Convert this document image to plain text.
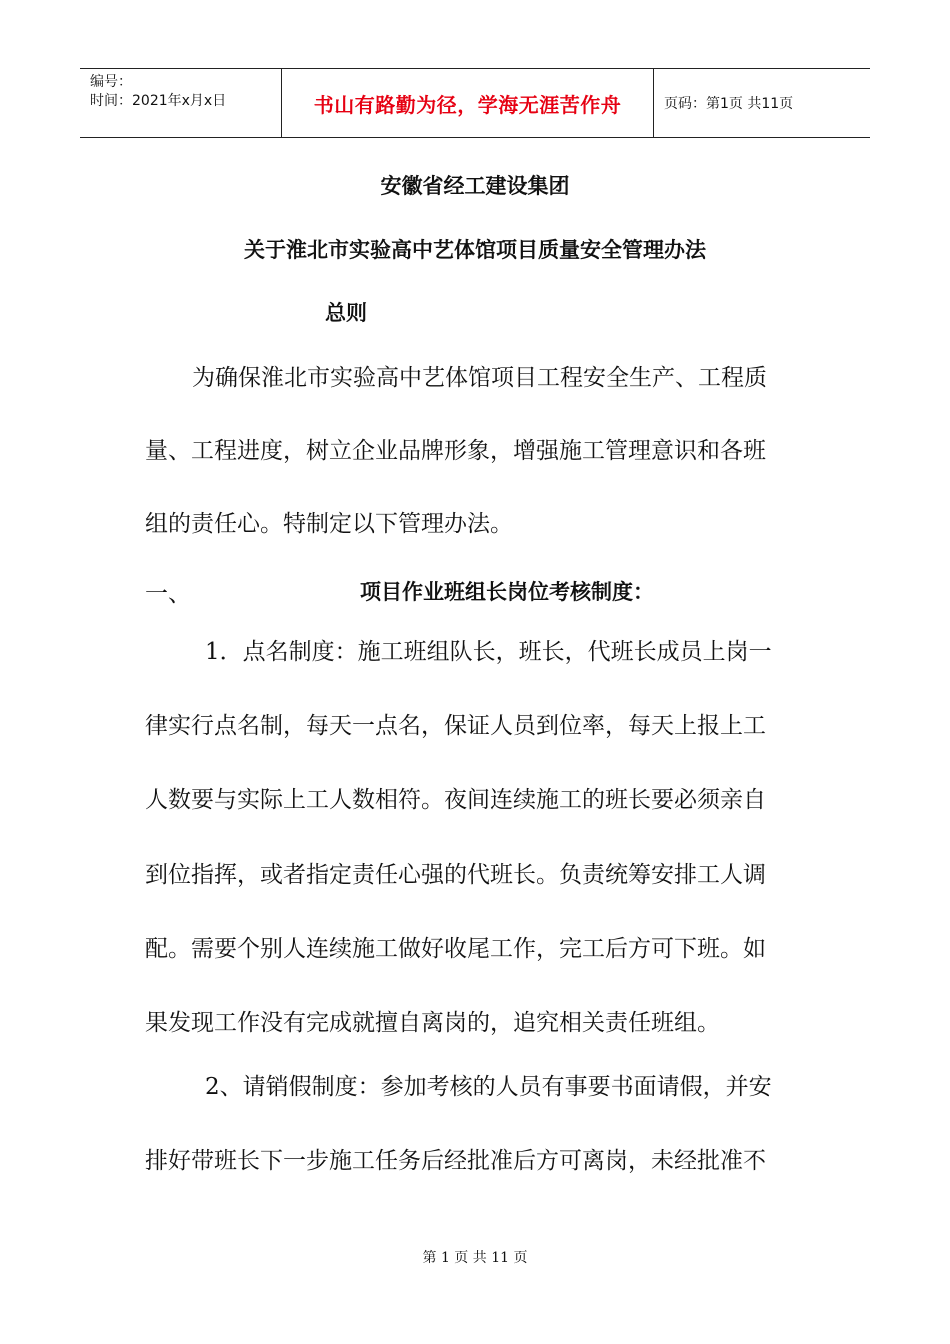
编号：
时间：2021年x月x日	书山有路勤为径，学海无涯苦作舟	页码：第1页 共11页
安徽省经工建设集团
关于淮北市实验高中艺体馆项目质量安全管理办法
总则
为确保淮北市实验高中艺体馆项目工程安全生产、工程质
量、工程进度，树立企业品牌形象，增强施工管理意识和各班
组的责任心。特制定以下管理办法。
一、	项目作业班组长岗位考核制度：
1．点名制度：施工班组队长，班长，代班长成员上岗一
律实行点名制，每天一点名，保证人员到位率，每天上报上工
人数要与实际上工人数相符。夜间连续施工的班长要必须亲自
到位指挥，或者指定责任心强的代班长。负责统筹安排工人调
配。需要个别人连续施工做好收尾工作，完工后方可下班。如
果发现工作没有完成就擅自离岗的，追究相关责任班组。
2、请销假制度：参加考核的人员有事要书面请假，并安
排好带班长下一步施工任务后经批准后方可离岗，未经批准不
第 1 页 共 11 页
